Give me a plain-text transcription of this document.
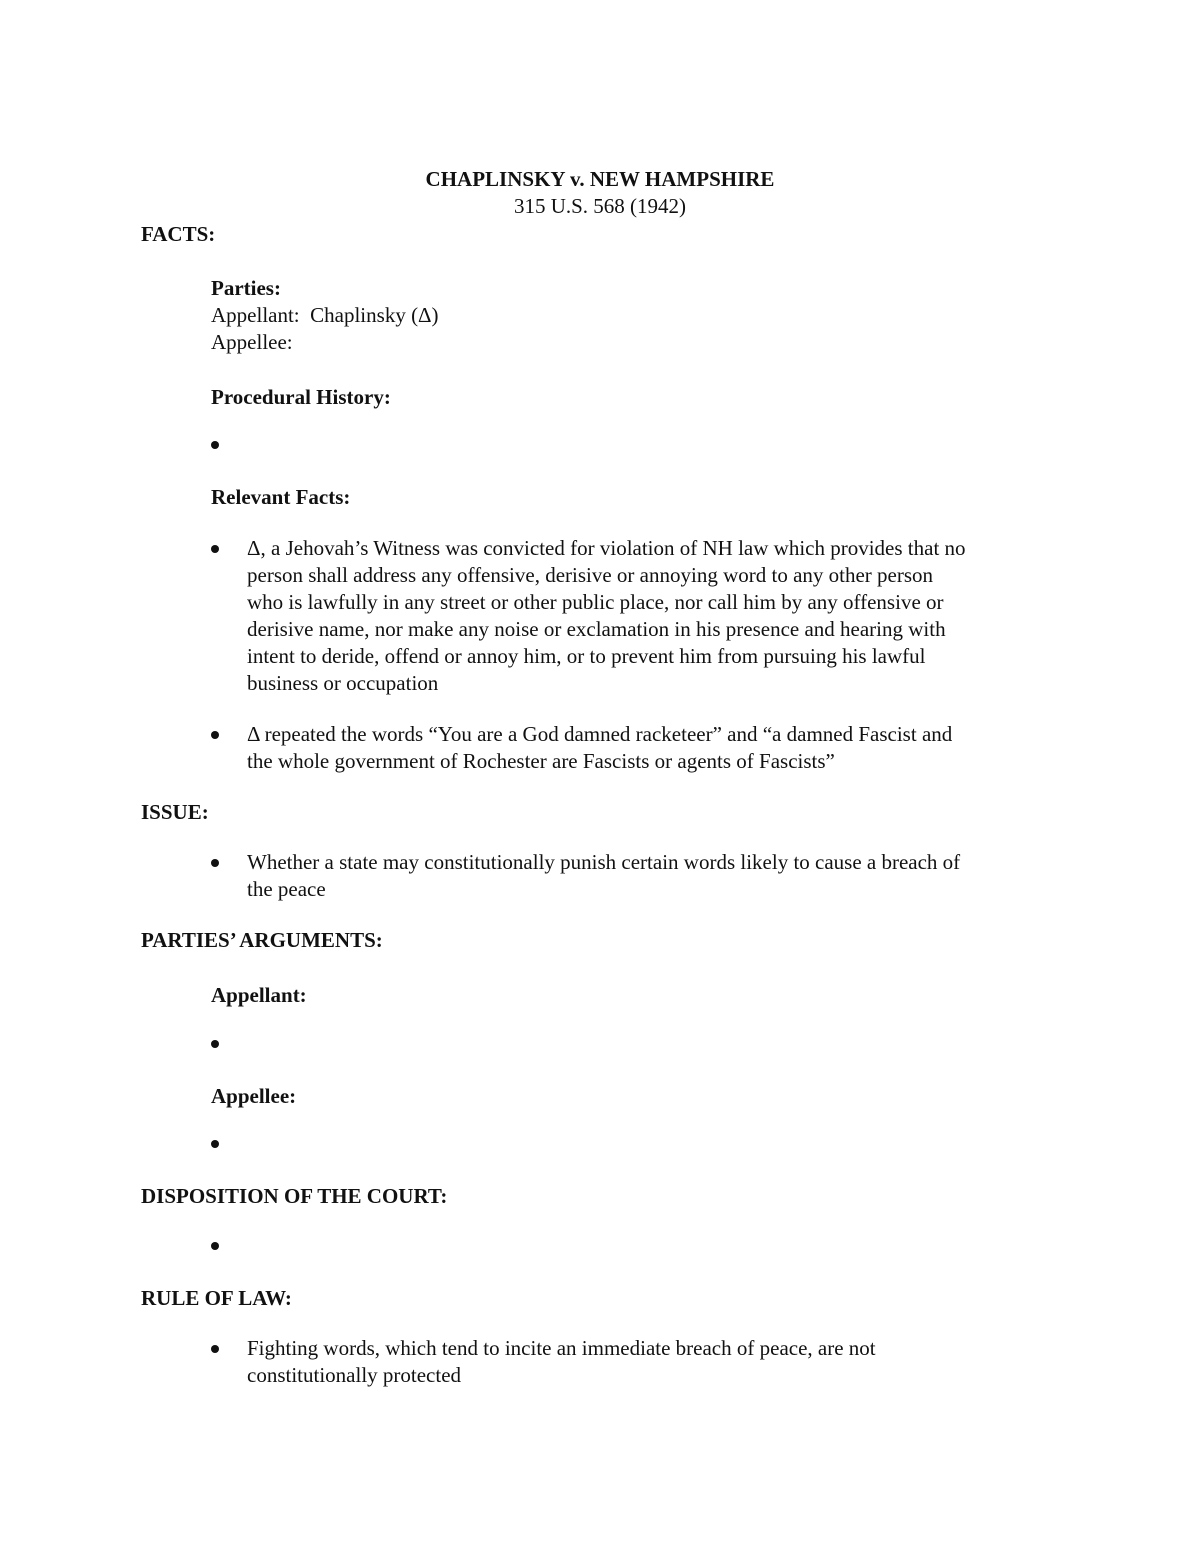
CHAPLINSKY v. NEW HAMPSHIRE
315 U.S. 568 (1942)
FACTS:
Parties:
Appellant:  Chaplinsky (Δ)
Appellee:
Procedural History:
Relevant Facts:
Δ, a Jehovah’s Witness was convicted for violation of NH law which provides that no
person shall address any offensive, derisive or annoying word to any other person
who is lawfully in any street or other public place, nor call him by any offensive or
derisive name, nor make any noise or exclamation in his presence and hearing with
intent to deride, offend or annoy him, or to prevent him from pursuing his lawful
business or occupation
Δ repeated the words “You are a God damned racketeer” and “a damned Fascist and
the whole government of Rochester are Fascists or agents of Fascists”
ISSUE:
Whether a state may constitutionally punish certain words likely to cause a breach of
the peace
PARTIES’ ARGUMENTS:
Appellant:
Appellee:
DISPOSITION OF THE COURT:
RULE OF LAW:
Fighting words, which tend to incite an immediate breach of peace, are not
constitutionally protected
